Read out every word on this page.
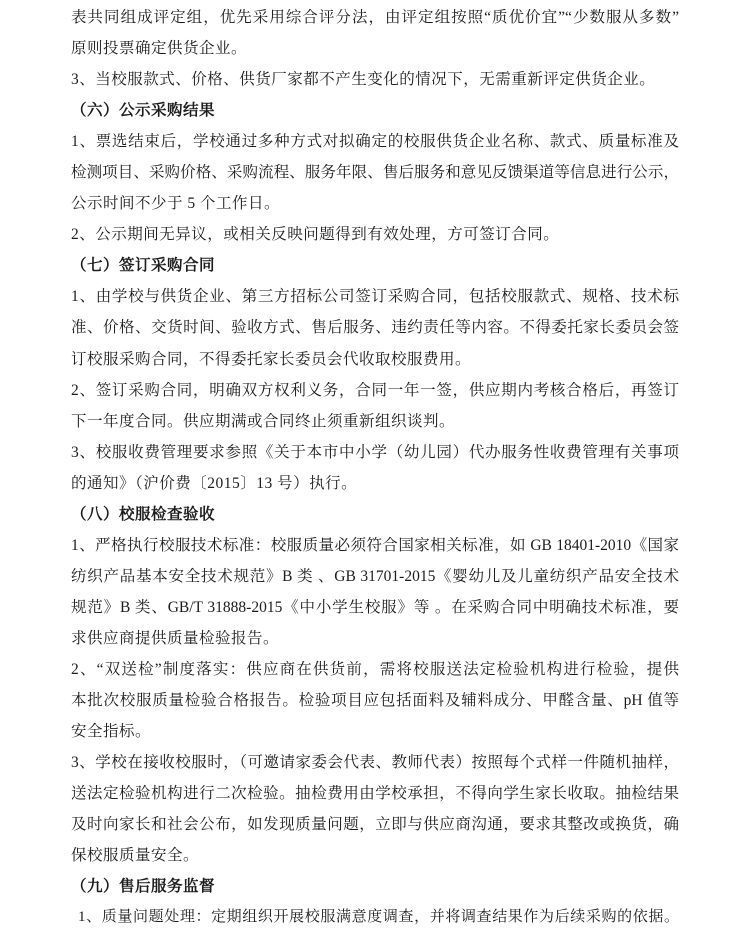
表共同组成评定组，优先采用综合评分法，由评定组按照“质优价宜”“少数服从多数”
原则投票确定供货企业。
3、当校服款式、价格、供货厂家都不产生变化的情况下，无需重新评定供货企业。
（六）公示采购结果
1、票选结束后，学校通过多种方式对拟确定的校服供货企业名称、款式、质量标准及
检测项目、采购价格、采购流程、服务年限、售后服务和意见反馈渠道等信息进行公示，
公示时间不少于 5 个工作日。
2、公示期间无异议，或相关反映问题得到有效处理，方可签订合同。
（七）签订采购合同
1、由学校与供货企业、第三方招标公司签订采购合同，包括校服款式、规格、技术标
准、价格、交货时间、验收方式、售后服务、违约责任等内容。不得委托家长委员会签
订校服采购合同，不得委托家长委员会代收取校服费用。
2、签订采购合同，明确双方权利义务，合同一年一签，供应期内考核合格后，再签订
下一年度合同。供应期满或合同终止须重新组织谈判。
3、校服收费管理要求参照《关于本市中小学（幼儿园）代办服务性收费管理有关事项
的通知》（沪价费〔2015〕13 号）执行。
（八）校服检查验收
1、严格执行校服技术标准：校服质量必须符合国家相关标准，如 GB 18401-2010《国家
纺织产品基本安全技术规范》B 类 、GB 31701-2015《婴幼儿及儿童纺织产品安全技术
规范》B 类、GB/T 31888-2015《中小学生校服》等 。在采购合同中明确技术标准，要
求供应商提供质量检验报告。
2、“双送检”制度落实：供应商在供货前，需将校服送法定检验机构进行检验，提供
本批次校服质量检验合格报告。检验项目应包括面料及辅料成分、甲醛含量、pH 值等
安全指标。
3、学校在接收校服时，（可邀请家委会代表、教师代表）按照每个式样一件随机抽样，
送法定检验机构进行二次检验。抽检费用由学校承担，不得向学生家长收取。抽检结果
及时向家长和社会公布，如发现质量问题，立即与供应商沟通，要求其整改或换货，确
保校服质量安全。
（九）售后服务监督
1、质量问题处理：定期组织开展校服满意度调查，并将调查结果作为后续采购的依据。
